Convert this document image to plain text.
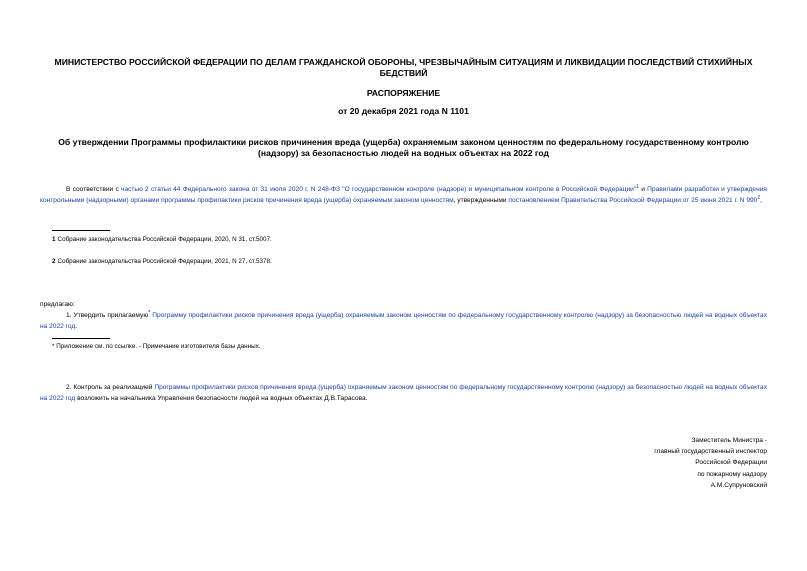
МИНИСТЕРСТВО РОССИЙСКОЙ ФЕДЕРАЦИИ ПО ДЕЛАМ ГРАЖДАНСКОЙ ОБОРОНЫ, ЧРЕЗВЫЧАЙНЫМ СИТУАЦИЯМ И ЛИКВИДАЦИИ ПОСЛЕДСТВИЙ СТИХИЙНЫХ БЕДСТВИЙ
РАСПОРЯЖЕНИЕ
от 20 декабря 2021 года N 1101
Об утверждении Программы профилактики рисков причинения вреда (ущерба) охраняемым законом ценностям по федеральному государственному контролю (надзору) за безопасностью людей на водных объектах на 2022 год
В соответствии с частью 2 статьи 44 Федерального закона от 31 июля 2020 г. N 248-ФЗ "О государственном контроле (надзоре) и муниципальном контроле в Российской Федерации"$^1$ и Правилами разработки и утверждения контрольными (надзорными) органами программы профилактики рисков причинения вреда (ущерба) охраняемым законом ценностям, утвержденными постановлением Правительства Российской Федерации от 25 июня 2021 г. N $990^2$,
1 Собрание законодательства Российской Федерации, 2020, N 31, ст.5007.
2 Собрание законодательства Российской Федерации, 2021, N 27, ст.5378.
предлагаю:
1. Утвердить прилагаемую* Программу профилактики рисков причинения вреда (ущерба) охраняемым законом ценностям по федеральному государственному контролю (надзору) за безопасностью людей на водных объектах на 2022 год.
* Приложение см. по ссылке. - Примечание изготовителя базы данных.
2. Контроль за реализацией Программы профилактики рисков причинения вреда (ущерба) охраняемым законом ценностям по федеральному государственному контролю (надзору) за безопасностью людей на водных объектах на 2022 год возложить на начальника Управления безопасности людей на водных объектах Д.В.Тарасова.
Заместитель Министра -
главный государственный инспектор
Российской Федерации
по пожарному надзору
А.М.Супруновский
